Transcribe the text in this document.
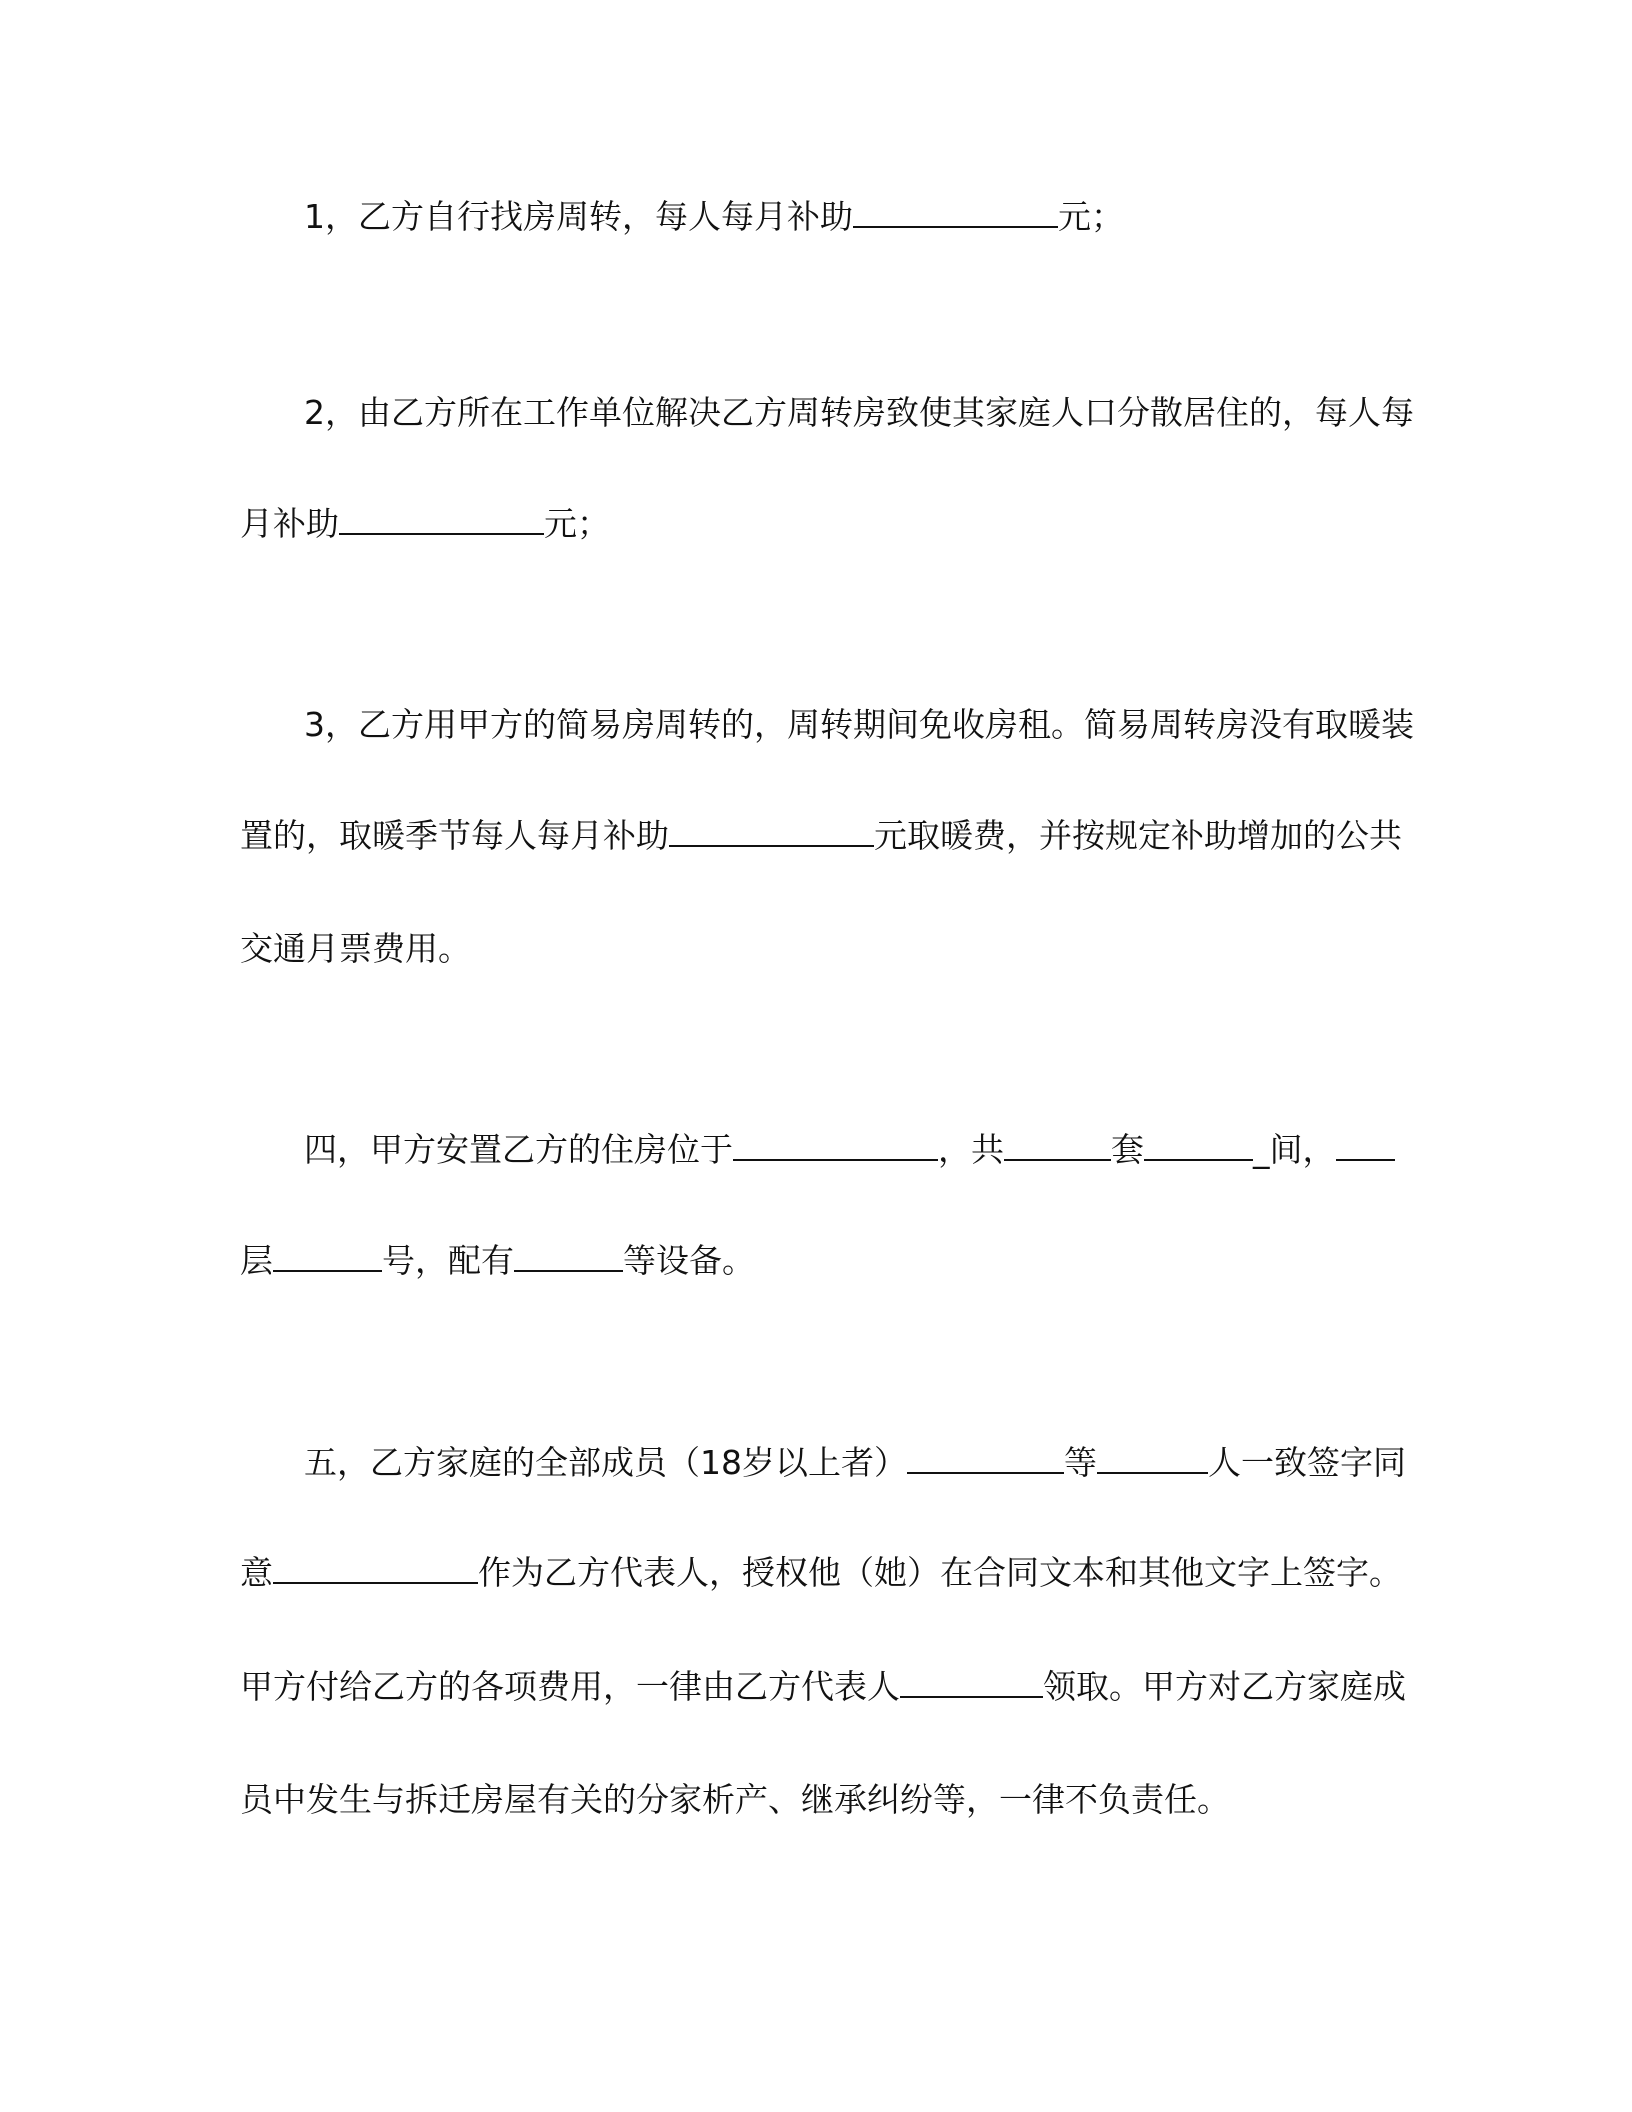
1，乙方自行找房周转，每人每月补助	元；
2，由乙方所在工作单位解决乙方周转房致使其家庭人口分散居住的，每人每
月补助	元；
3，乙方用甲方的简易房周转的，周转期间免收房租。简易周转房没有取暖装
置的，取暖季节每人每月补助	元取暖费，并按规定补助增加的公共
交通月票费用。
四，甲方安置乙方的住房位于	，共	套	_间，
层	号，配有	等设备。
五，乙方家庭的全部成员（18岁以上者）	等	人一致签字同
意	作为乙方代表人，授权他（她）在合同文本和其他文字上签字。
甲方付给乙方的各项费用，一律由乙方代表人	领取。甲方对乙方家庭成
员中发生与拆迁房屋有关的分家析产、继承纠纷等，一律不负责任。
